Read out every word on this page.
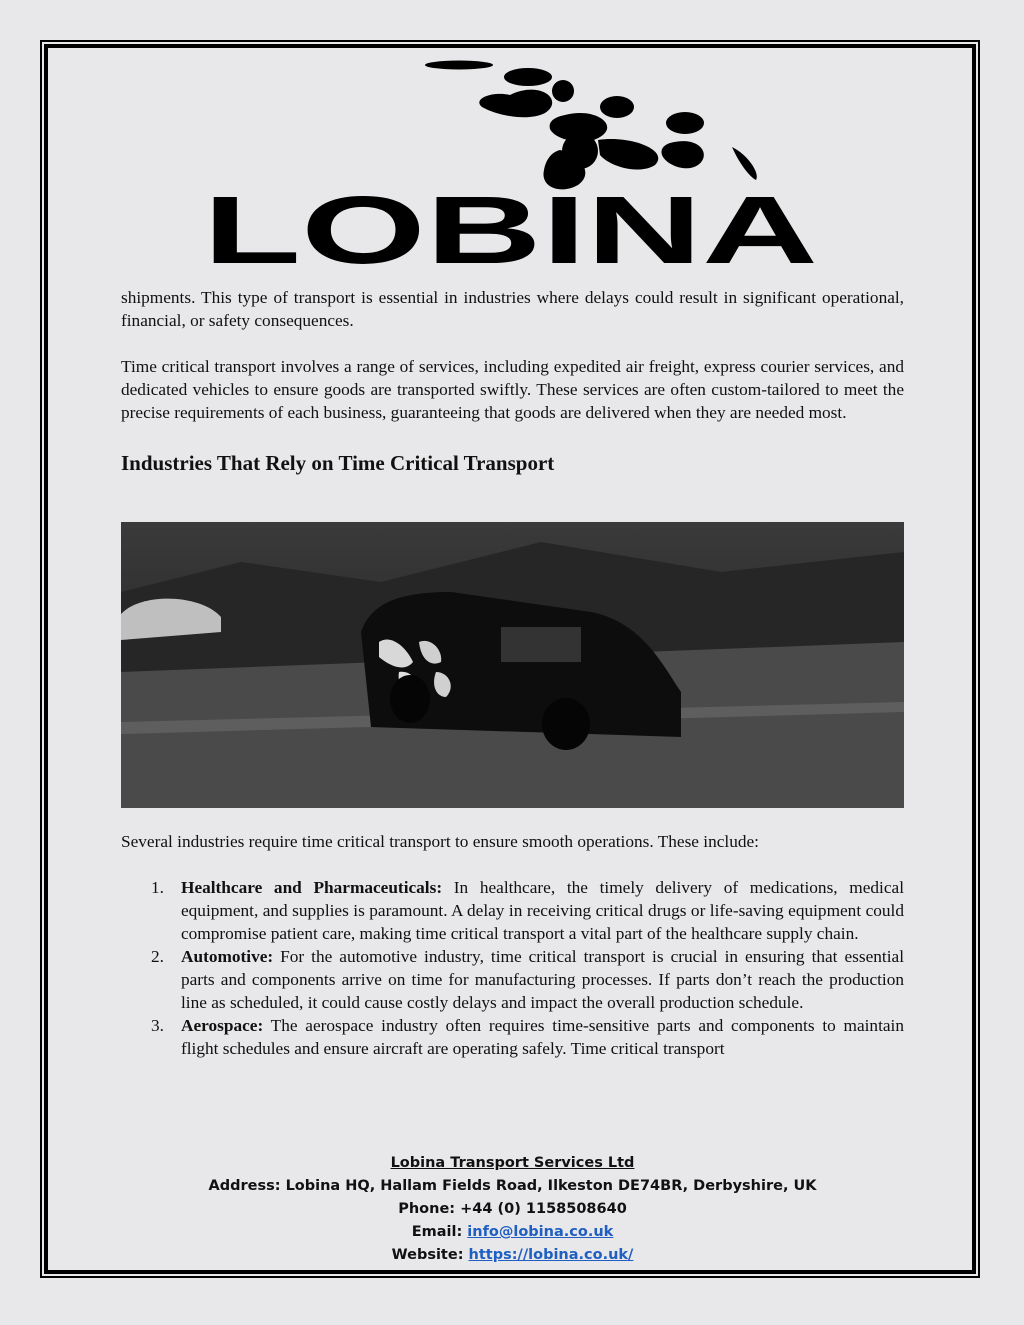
LOBINA

shipments. This type of transport is essential in industries where delays could result in significant operational, financial, or safety consequences.

Time critical transport involves a range of services, including expedited air freight, express courier services, and dedicated vehicles to ensure goods are transported swiftly. These services are often custom-tailored to meet the precise requirements of each business, guaranteeing that goods are delivered when they are needed most.

Industries That Rely on Time Critical Transport

Several industries require time critical transport to ensure smooth operations. These include:

1. Healthcare and Pharmaceuticals: In healthcare, the timely delivery of medications, medical equipment, and supplies is paramount. A delay in receiving critical drugs or life-saving equipment could compromise patient care, making time critical transport a vital part of the healthcare supply chain.
2. Automotive: For the automotive industry, time critical transport is crucial in ensuring that essential parts and components arrive on time for manufacturing processes. If parts don’t reach the production line as scheduled, it could cause costly delays and impact the overall production schedule.
3. Aerospace: The aerospace industry often requires time-sensitive parts and components to maintain flight schedules and ensure aircraft are operating safely. Time critical transport
Lobina Transport Services Ltd
Address: Lobina HQ, Hallam Fields Road, Ilkeston DE74BR, Derbyshire, UK
Phone: +44 (0) 1158508640
Email: info@lobina.co.uk
Website: https://lobina.co.uk/
